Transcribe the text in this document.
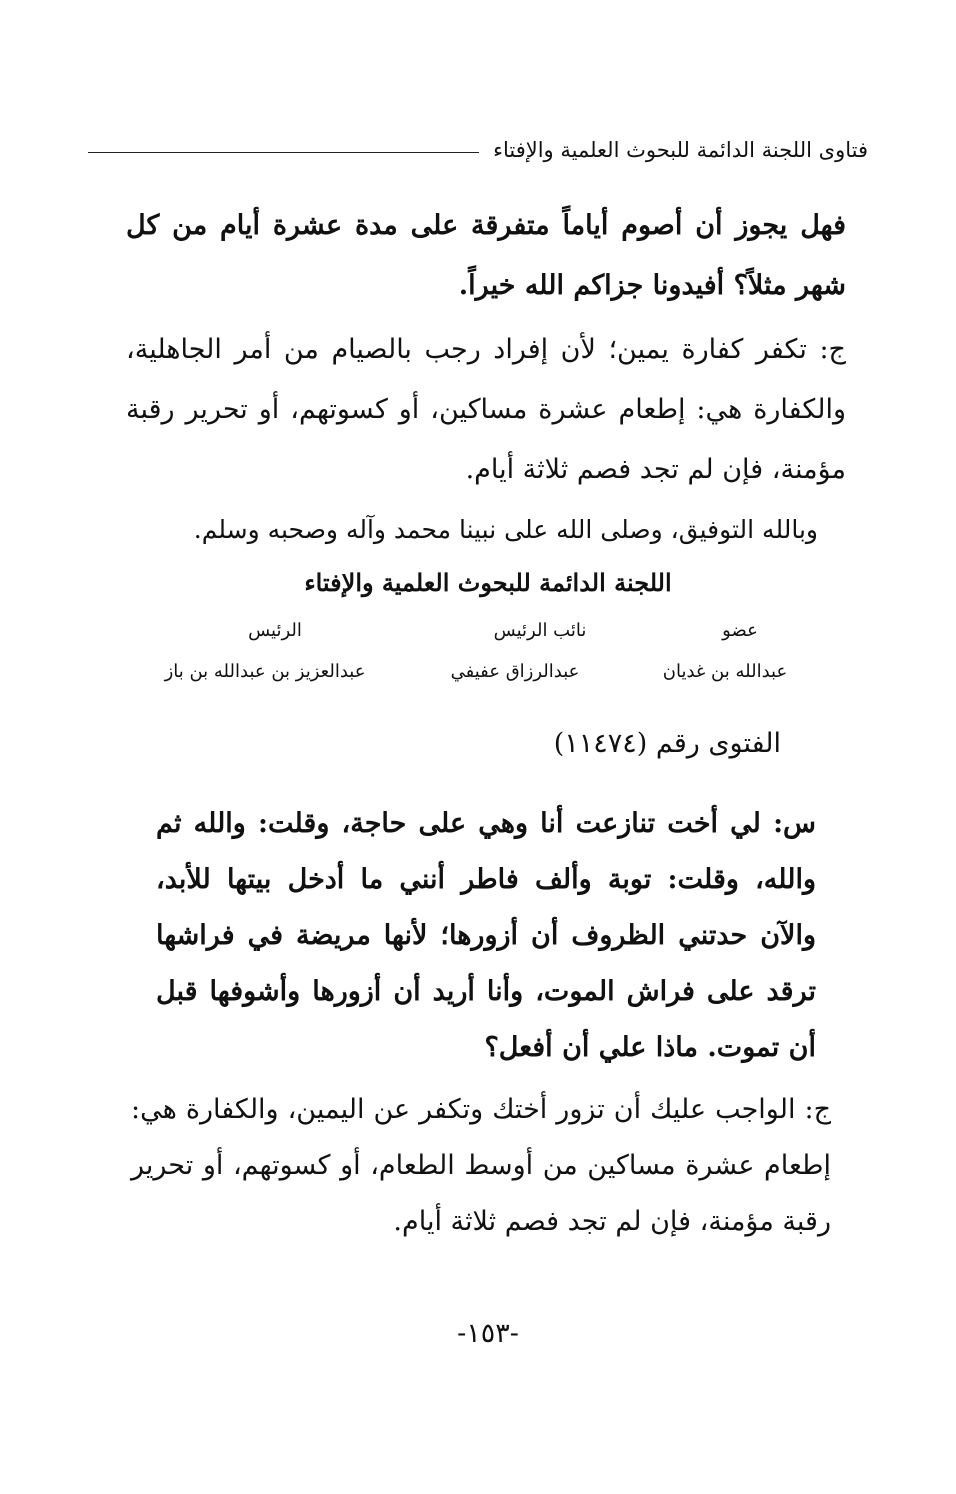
فتاوى اللجنة الدائمة للبحوث العلمية والإفتاء

فهل يجوز أن أصوم أياماً متفرقة على مدة عشرة أيام من كل شهر مثلاً؟ أفيدونا جزاكم الله خيراً.

ج: تكفر كفارة يمين؛ لأن إفراد رجب بالصيام من أمر الجاهلية، والكفارة هي: إطعام عشرة مساكين، أو كسوتهم، أو تحرير رقبة مؤمنة، فإن لم تجد فصم ثلاثة أيام.

وبالله التوفيق، وصلى الله على نبينا محمد وآله وصحبه وسلم.

اللجنة الدائمة للبحوث العلمية والإفتاء
عضو
نائب الرئيس
الرئيس
عبدالله بن غديان
عبدالرزاق عفيفي
عبدالعزيز بن عبدالله بن باز
الفتوى رقم (١١٤٧٤)

س: لي أخت تنازعت أنا وهي على حاجة، وقلت: والله ثم والله، وقلت: توبة وألف فاطر أنني ما أدخل بيتها للأبد، والآن حدتني الظروف أن أزورها؛ لأنها مريضة في فراشها ترقد على فراش الموت، وأنا أريد أن أزورها وأشوفها قبل أن تموت. ماذا علي أن أفعل؟

ج: الواجب عليك أن تزور أختك وتكفر عن اليمين، والكفارة هي: إطعام عشرة مساكين من أوسط الطعام، أو كسوتهم، أو تحرير رقبة مؤمنة، فإن لم تجد فصم ثلاثة أيام.

-١٥٣-
